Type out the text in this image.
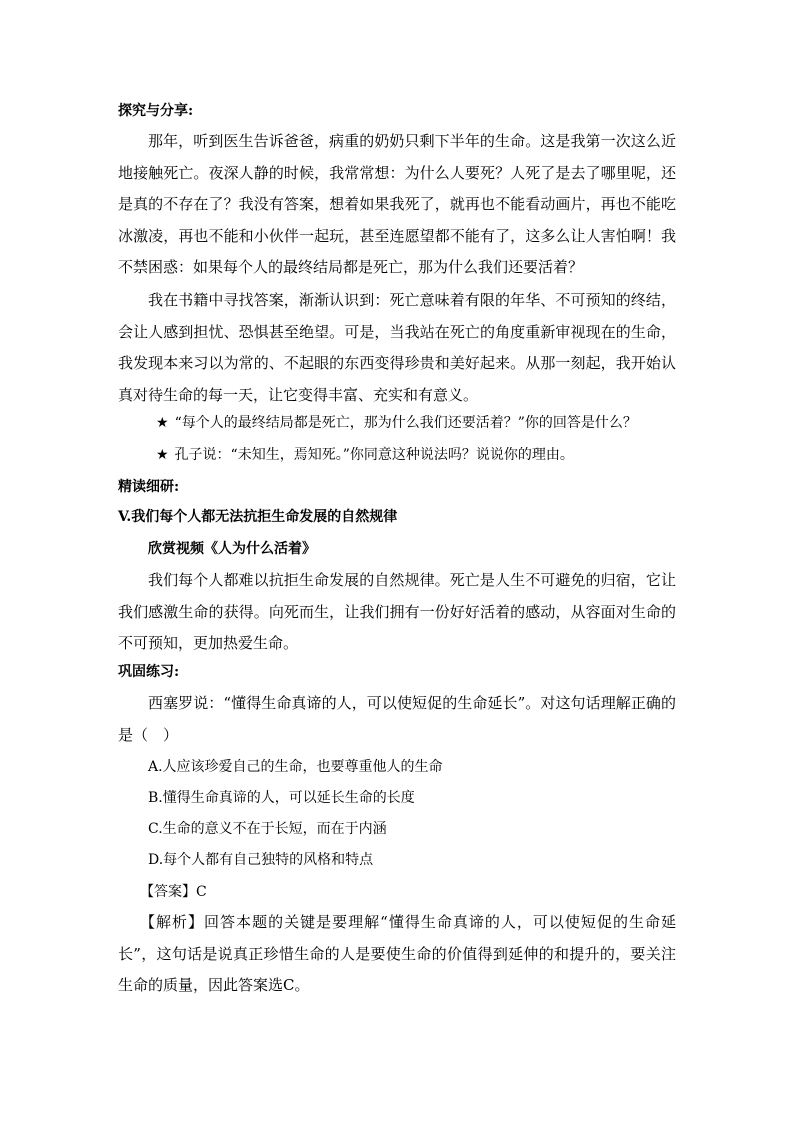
探究与分享:

那年，听到医生告诉爸爸，病重的奶奶只剩下半年的生命。这是我第一次这么近地接触死亡。夜深人静的时候，我常常想：为什么人要死？人死了是去了哪里呢，还是真的不存在了？我没有答案，想着如果我死了，就再也不能看动画片，再也不能吃冰激凌，再也不能和小伙伴一起玩，甚至连愿望都不能有了，这多么让人害怕啊！我不禁困惑：如果每个人的最终结局都是死亡，那为什么我们还要活着？

我在书籍中寻找答案，渐渐认识到：死亡意味着有限的年华、不可预知的终结，会让人感到担忧、恐惧甚至绝望。可是，当我站在死亡的角度重新审视现在的生命，我发现本来习以为常的、不起眼的东西变得珍贵和美好起来。从那一刻起，我开始认真对待生命的每一天，让它变得丰富、充实和有意义。

★ “每个人的最终结局都是死亡，那为什么我们还要活着？”你的回答是什么？

★ 孔子说：“未知生，焉知死。”你同意这种说法吗？说说你的理由。

精读细研:

V.我们每个人都无法抗拒生命发展的自然规律

欣赏视频《人为什么活着》

我们每个人都难以抗拒生命发展的自然规律。死亡是人生不可避免的归宿，它让我们感激生命的获得。向死而生，让我们拥有一份好好活着的感动，从容面对生命的不可预知，更加热爱生命。

巩固练习:

西塞罗说：“懂得生命真谛的人，可以使短促的生命延长”。对这句话理解正确的是（　）

A.人应该珍爱自己的生命，也要尊重他人的生命

B.懂得生命真谛的人，可以延长生命的长度

C.生命的意义不在于长短，而在于内涵

D.每个人都有自己独特的风格和特点

【答案】C

【解析】回答本题的关键是要理解“懂得生命真谛的人，可以使短促的生命延长”，这句话是说真正珍惜生命的人是要使生命的价值得到延伸的和提升的，要关注生命的质量，因此答案选C。
